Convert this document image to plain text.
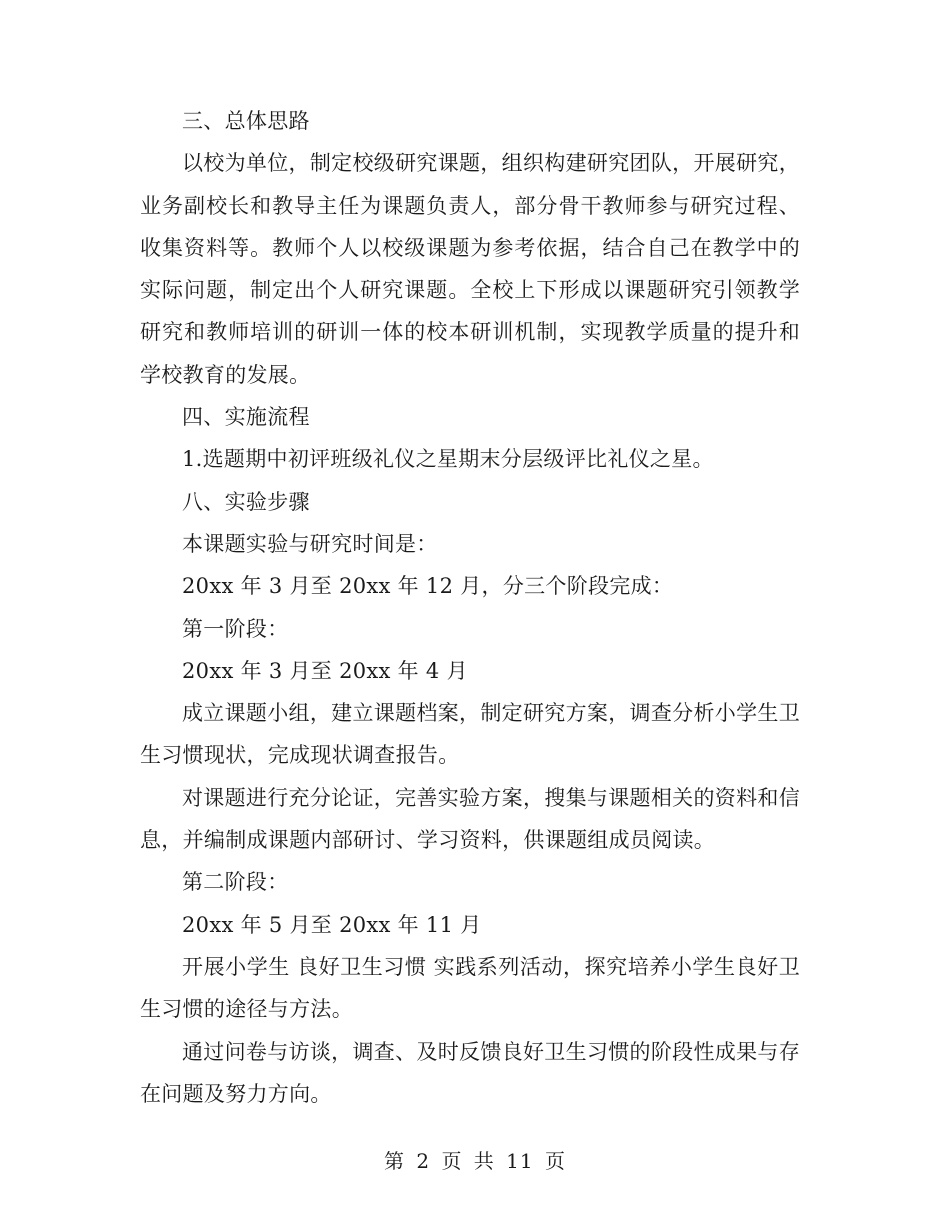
三、总体思路

以校为单位，制定校级研究课题，组织构建研究团队，开展研究，业务副校长和教导主任为课题负责人，部分骨干教师参与研究过程、收集资料等。教师个人以校级课题为参考依据，结合自己在教学中的实际问题，制定出个人研究课题。全校上下形成以课题研究引领教学研究和教师培训的研训一体的校本研训机制，实现教学质量的提升和学校教育的发展。

四、实施流程

1.选题期中初评班级礼仪之星期末分层级评比礼仪之星。

八、实验步骤

本课题实验与研究时间是：

20xx 年 3 月至 20xx 年 12 月，分三个阶段完成：

第一阶段：

20xx 年 3 月至 20xx 年 4 月

成立课题小组，建立课题档案，制定研究方案，调查分析小学生卫生习惯现状，完成现状调查报告。

对课题进行充分论证，完善实验方案，搜集与课题相关的资料和信息，并编制成课题内部研讨、学习资料，供课题组成员阅读。

第二阶段：

20xx 年 5 月至 20xx 年 11 月

开展小学生 良好卫生习惯 实践系列活动，探究培养小学生良好卫生习惯的途径与方法。

通过问卷与访谈，调查、及时反馈良好卫生习惯的阶段性成果与存在问题及努力方向。

第 2 页 共 11 页
